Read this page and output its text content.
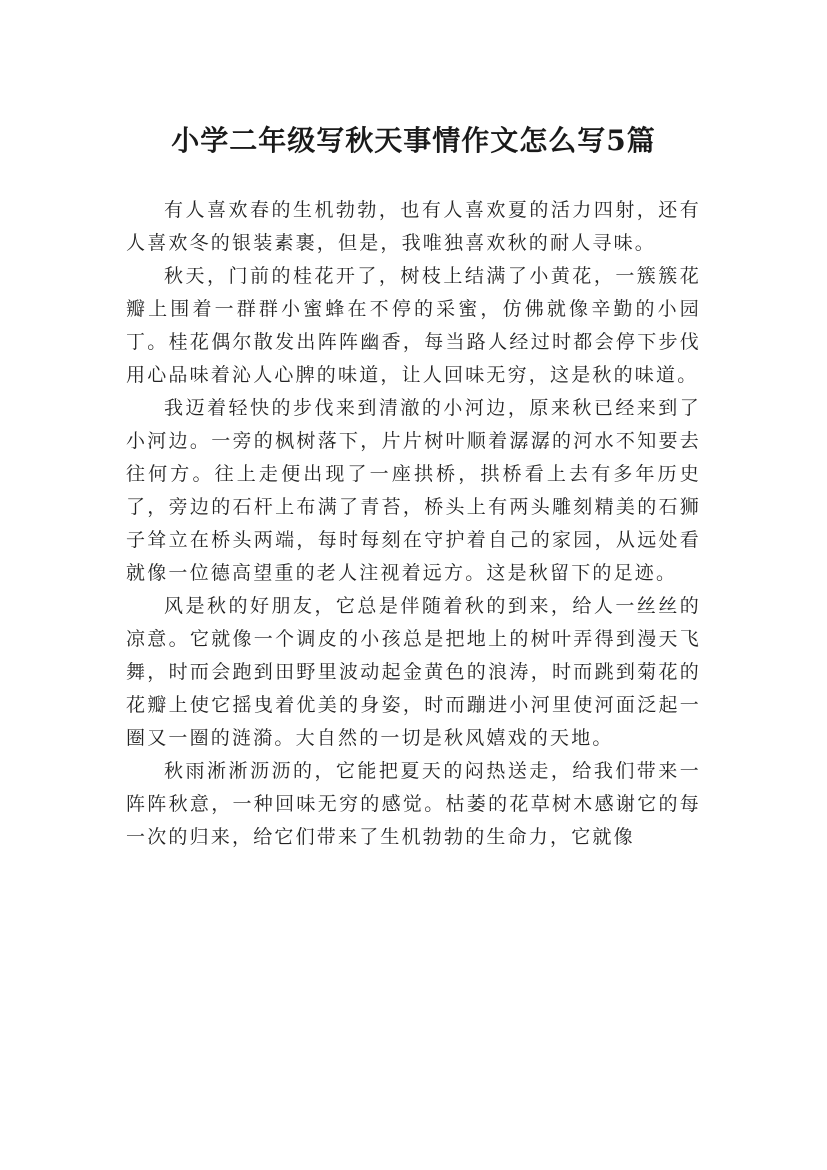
小学二年级写秋天事情作文怎么写5篇

有人喜欢春的生机勃勃，也有人喜欢夏的活力四射，还有人喜欢冬的银装素裹，但是，我唯独喜欢秋的耐人寻味。

秋天，门前的桂花开了，树枝上结满了小黄花，一簇簇花瓣上围着一群群小蜜蜂在不停的采蜜，仿佛就像辛勤的小园丁。桂花偶尔散发出阵阵幽香，每当路人经过时都会停下步伐用心品味着沁人心脾的味道，让人回味无穷，这是秋的味道。

我迈着轻快的步伐来到清澈的小河边，原来秋已经来到了小河边。一旁的枫树落下，片片树叶顺着潺潺的河水不知要去往何方。往上走便出现了一座拱桥，拱桥看上去有多年历史了，旁边的石杆上布满了青苔，桥头上有两头雕刻精美的石狮子耸立在桥头两端，每时每刻在守护着自己的家园，从远处看就像一位德高望重的老人注视着远方。这是秋留下的足迹。

风是秋的好朋友，它总是伴随着秋的到来，给人一丝丝的凉意。它就像一个调皮的小孩总是把地上的树叶弄得到漫天飞舞，时而会跑到田野里波动起金黄色的浪涛，时而跳到菊花的花瓣上使它摇曳着优美的身姿，时而蹦进小河里使河面泛起一圈又一圈的涟漪。大自然的一切是秋风嬉戏的天地。

秋雨淅淅沥沥的，它能把夏天的闷热送走，给我们带来一阵阵秋意，一种回味无穷的感觉。枯萎的花草树木感谢它的每一次的归来，给它们带来了生机勃勃的生命力，它就像
